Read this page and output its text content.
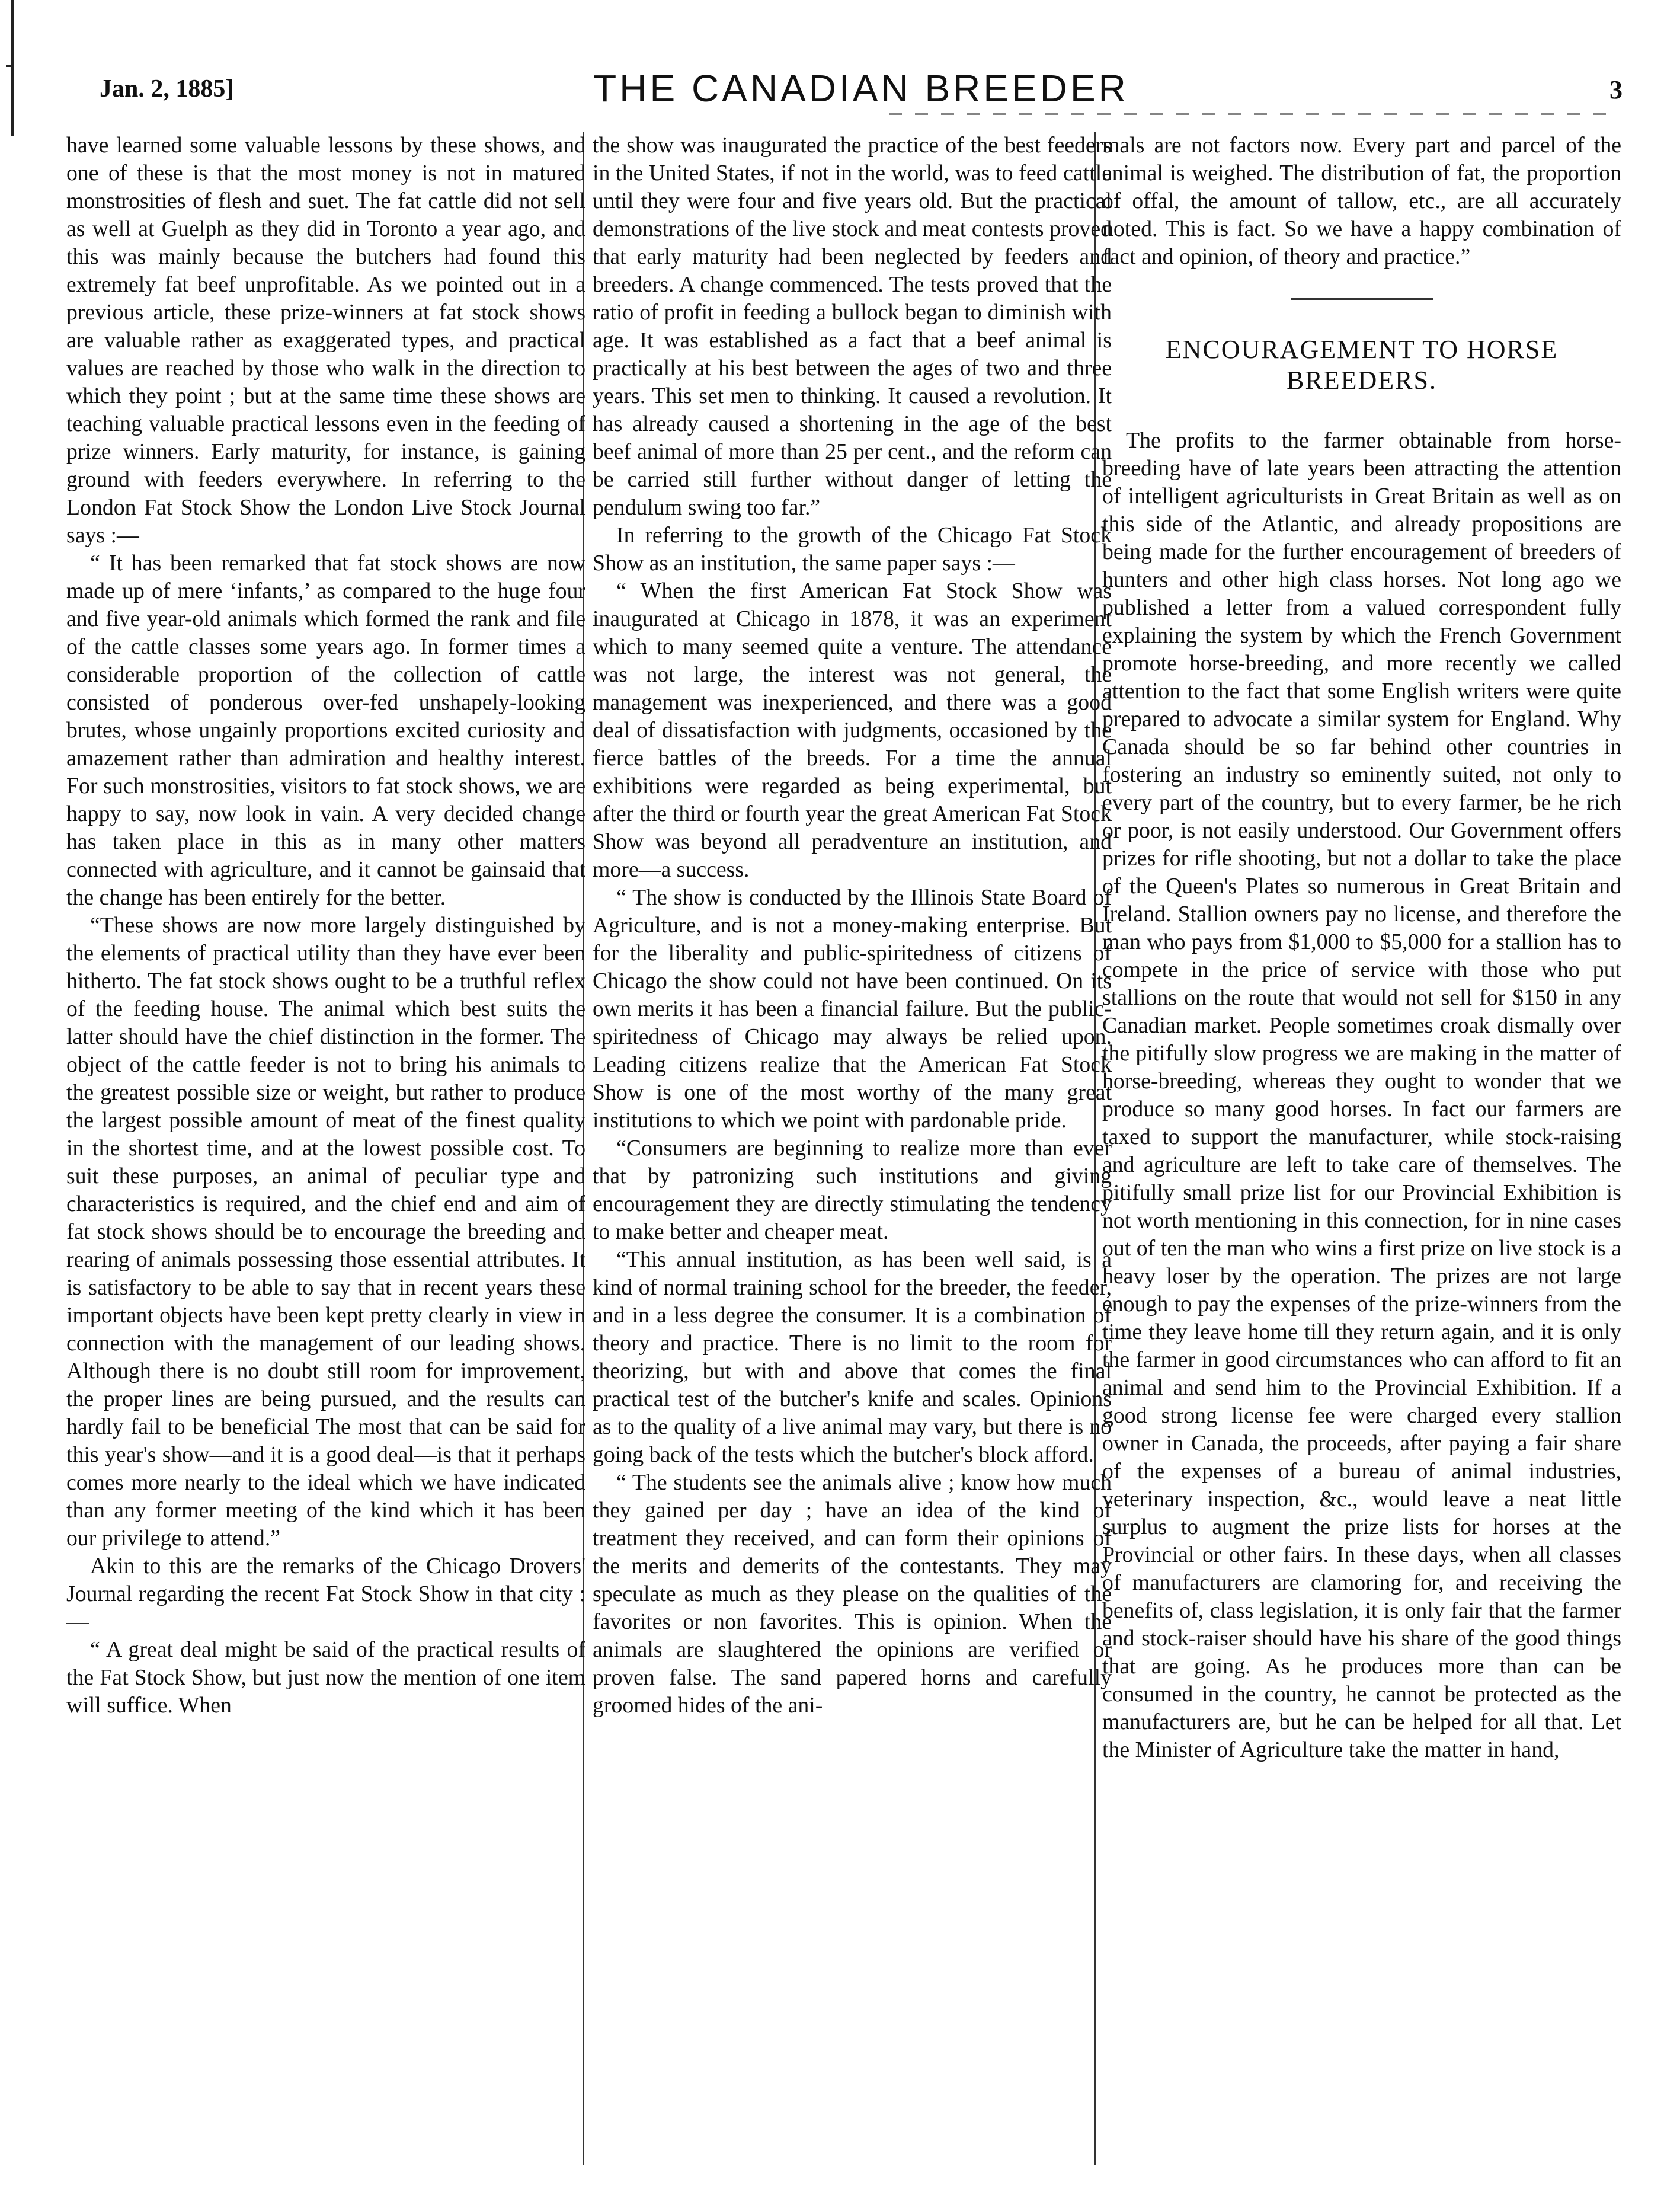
Jan. 2, 1885]	THE CANADIAN BREEDER	3

have learned some valuable lessons by these shows, and one of these is that the most money is not in matured monstrosities of flesh and suet. The fat cattle did not sell as well at Guelph as they did in Toronto a year ago, and this was mainly because the butchers had found this extremely fat beef unprofitable. As we pointed out in a previous article, these prize-winners at fat stock shows are valuable rather as exaggerated types, and practical values are reached by those who walk in the direction to which they point ; but at the same time these shows are teaching valuable practical lessons even in the feeding of prize winners. Early maturity, for instance, is gaining ground with feeders everywhere. In referring to the London Fat Stock Show the London Live Stock Journal says :—

“ It has been remarked that fat stock shows are now made up of mere ‘infants,’ as compared to the huge four and five year-old animals which formed the rank and file of the cattle classes some years ago. In former times a considerable proportion of the collection of cattle consisted of ponderous over-fed unshapely-looking brutes, whose ungainly proportions excited curiosity and amazement rather than admiration and healthy interest. For such monstrosities, visitors to fat stock shows, we are happy to say, now look in vain. A very decided change has taken place in this as in many other matters connected with agriculture, and it cannot be gainsaid that the change has been entirely for the better.

“These shows are now more largely distinguished by the elements of practical utility than they have ever been hitherto. The fat stock shows ought to be a truthful reflex of the feeding house. The animal which best suits the latter should have the chief distinction in the former. The object of the cattle feeder is not to bring his animals to the greatest possible size or weight, but rather to produce the largest possible amount of meat of the finest quality in the shortest time, and at the lowest possible cost. To suit these purposes, an animal of peculiar type and characteristics is required, and the chief end and aim of fat stock shows should be to encourage the breeding and rearing of animals possessing those essential attributes. It is satisfactory to be able to say that in recent years these important objects have been kept pretty clearly in view in connection with the management of our leading shows. Although there is no doubt still room for improvement, the proper lines are being pursued, and the results can hardly fail to be beneficial The most that can be said for this year's show—and it is a good deal—is that it perhaps comes more nearly to the ideal which we have indicated than any former meeting of the kind which it has been our privilege to attend.”

Akin to this are the remarks of the Chicago Drovers' Journal regarding the recent Fat Stock Show in that city :—

“ A great deal might be said of the practical results of the Fat Stock Show, but just now the mention of one item will suffice. When

the show was inaugurated the practice of the best feeders in the United States, if not in the world, was to feed cattle until they were four and five years old. But the practical demonstrations of the live stock and meat contests proved that early maturity had been neglected by feeders and breeders. A change commenced. The tests proved that the ratio of profit in feeding a bullock began to diminish with age. It was established as a fact that a beef animal is practically at his best between the ages of two and three years. This set men to thinking. It caused a revolution. It has already caused a shortening in the age of the best beef animal of more than 25 per cent., and the reform can be carried still further without danger of letting the pendulum swing too far.”

In referring to the growth of the Chicago Fat Stock Show as an institution, the same paper says :—

“ When the first American Fat Stock Show was inaugurated at Chicago in 1878, it was an experiment which to many seemed quite a venture. The attendance was not large, the interest was not general, the management was inexperienced, and there was a good deal of dissatisfaction with judgments, occasioned by the fierce battles of the breeds. For a time the annual exhibitions were regarded as being experimental, but after the third or fourth year the great American Fat Stock Show was beyond all peradventure an institution, and more—a success.

“ The show is conducted by the Illinois State Board of Agriculture, and is not a money-making enterprise. But for the liberality and public-spiritedness of citizens of Chicago the show could not have been continued. On its own merits it has been a financial failure. But the public-spiritedness of Chicago may always be relied upon. Leading citizens realize that the American Fat Stock Show is one of the most worthy of the many great institutions to which we point with pardonable pride.

“Consumers are beginning to realize more than ever that by patronizing such institutions and giving encouragement they are directly stimulating the tendency to make better and cheaper meat.

“This annual institution, as has been well said, is a kind of normal training school for the breeder, the feeder, and in a less degree the consumer. It is a combination of theory and practice. There is no limit to the room for theorizing, but with and above that comes the final practical test of the butcher's knife and scales. Opinions as to the quality of a live animal may vary, but there is no going back of the tests which the butcher's block afford.

“ The students see the animals alive ; know how much they gained per day ; have an idea of the kind of treatment they received, and can form their opinions of the merits and demerits of the contestants. They may speculate as much as they please on the qualities of the favorites or non favorites. This is opinion. When the animals are slaughtered the opinions are verified or proven false. The sand papered horns and carefully groomed hides of the ani-

mals are not factors now. Every part and parcel of the animal is weighed. The distribution of fat, the proportion of offal, the amount of tallow, etc., are all accurately noted. This is fact. So we have a happy combination of fact and opinion, of theory and practice.”

ENCOURAGEMENT TO HORSE
BREEDERS.

The profits to the farmer obtainable from horse-breeding have of late years been attracting the attention of intelligent agriculturists in Great Britain as well as on this side of the Atlantic, and already propositions are being made for the further encouragement of breeders of hunters and other high class horses. Not long ago we published a letter from a valued correspondent fully explaining the system by which the French Government promote horse-breeding, and more recently we called attention to the fact that some English writers were quite prepared to advocate a similar system for England. Why Canada should be so far behind other countries in fostering an industry so eminently suited, not only to every part of the country, but to every farmer, be he rich or poor, is not easily understood. Our Government offers prizes for rifle shooting, but not a dollar to take the place of the Queen's Plates so numerous in Great Britain and Ireland. Stallion owners pay no license, and therefore the man who pays from $1,000 to $5,000 for a stallion has to compete in the price of service with those who put stallions on the route that would not sell for $150 in any Canadian market. People sometimes croak dismally over the pitifully slow progress we are making in the matter of horse-breeding, whereas they ought to wonder that we produce so many good horses. In fact our farmers are taxed to support the manufacturer, while stock-raising and agriculture are left to take care of themselves. The pitifully small prize list for our Provincial Exhibition is not worth mentioning in this connection, for in nine cases out of ten the man who wins a first prize on live stock is a heavy loser by the operation. The prizes are not large enough to pay the expenses of the prize-winners from the time they leave home till they return again, and it is only the farmer in good circumstances who can afford to fit an animal and send him to the Provincial Exhibition. If a good strong license fee were charged every stallion owner in Canada, the proceeds, after paying a fair share of the expenses of a bureau of animal industries, veterinary inspection, &c., would leave a neat little surplus to augment the prize lists for horses at the Provincial or other fairs. In these days, when all classes of manufacturers are clamoring for, and receiving the benefits of, class legislation, it is only fair that the farmer and stock-raiser should have his share of the good things that are going. As he produces more than can be consumed in the country, he cannot be protected as the manufacturers are, but he can be helped for all that. Let the Minister of Agriculture take the matter in hand,
